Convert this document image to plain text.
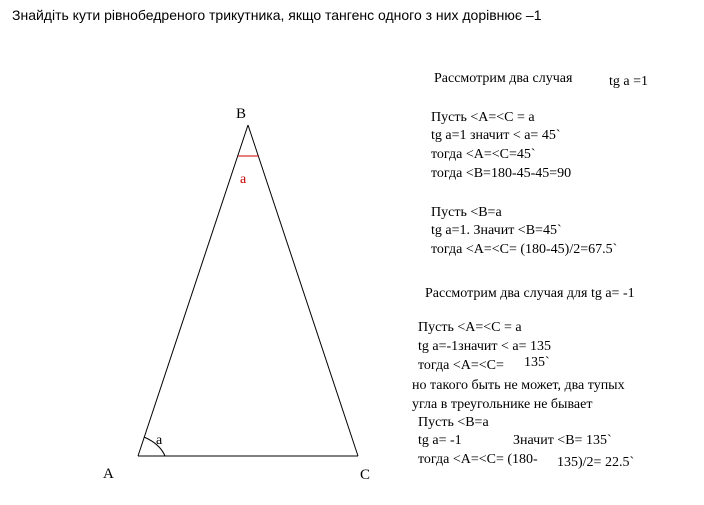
Знайдіть кути рівнобедреного трикутника, якщо тангенс одного з них дорівнює –1
B
A	C
a
a
Рассмотрим два случая	tg a =1
Пусть <A=<C = a
tg a=1 значит < a= 45`
тогда <A=<C=45`
тогда <B=180-45-45=90
Пусть <B=a
tg a=1. Значит <B=45`
тогда <A=<C= (180-45)/2=67.5`
Рассмотрим два случая для tg a= -1
Пусть <A=<C = a
tg a=-1значит < a= 135
тогда <A=<C= 135`
но такого быть не может, два тупых
угла в треугольнике не бывает
Пусть <B=a
tg a= -1	Значит <B= 135`
тогда <A=<C= (180- 135)/2= 22.5`
